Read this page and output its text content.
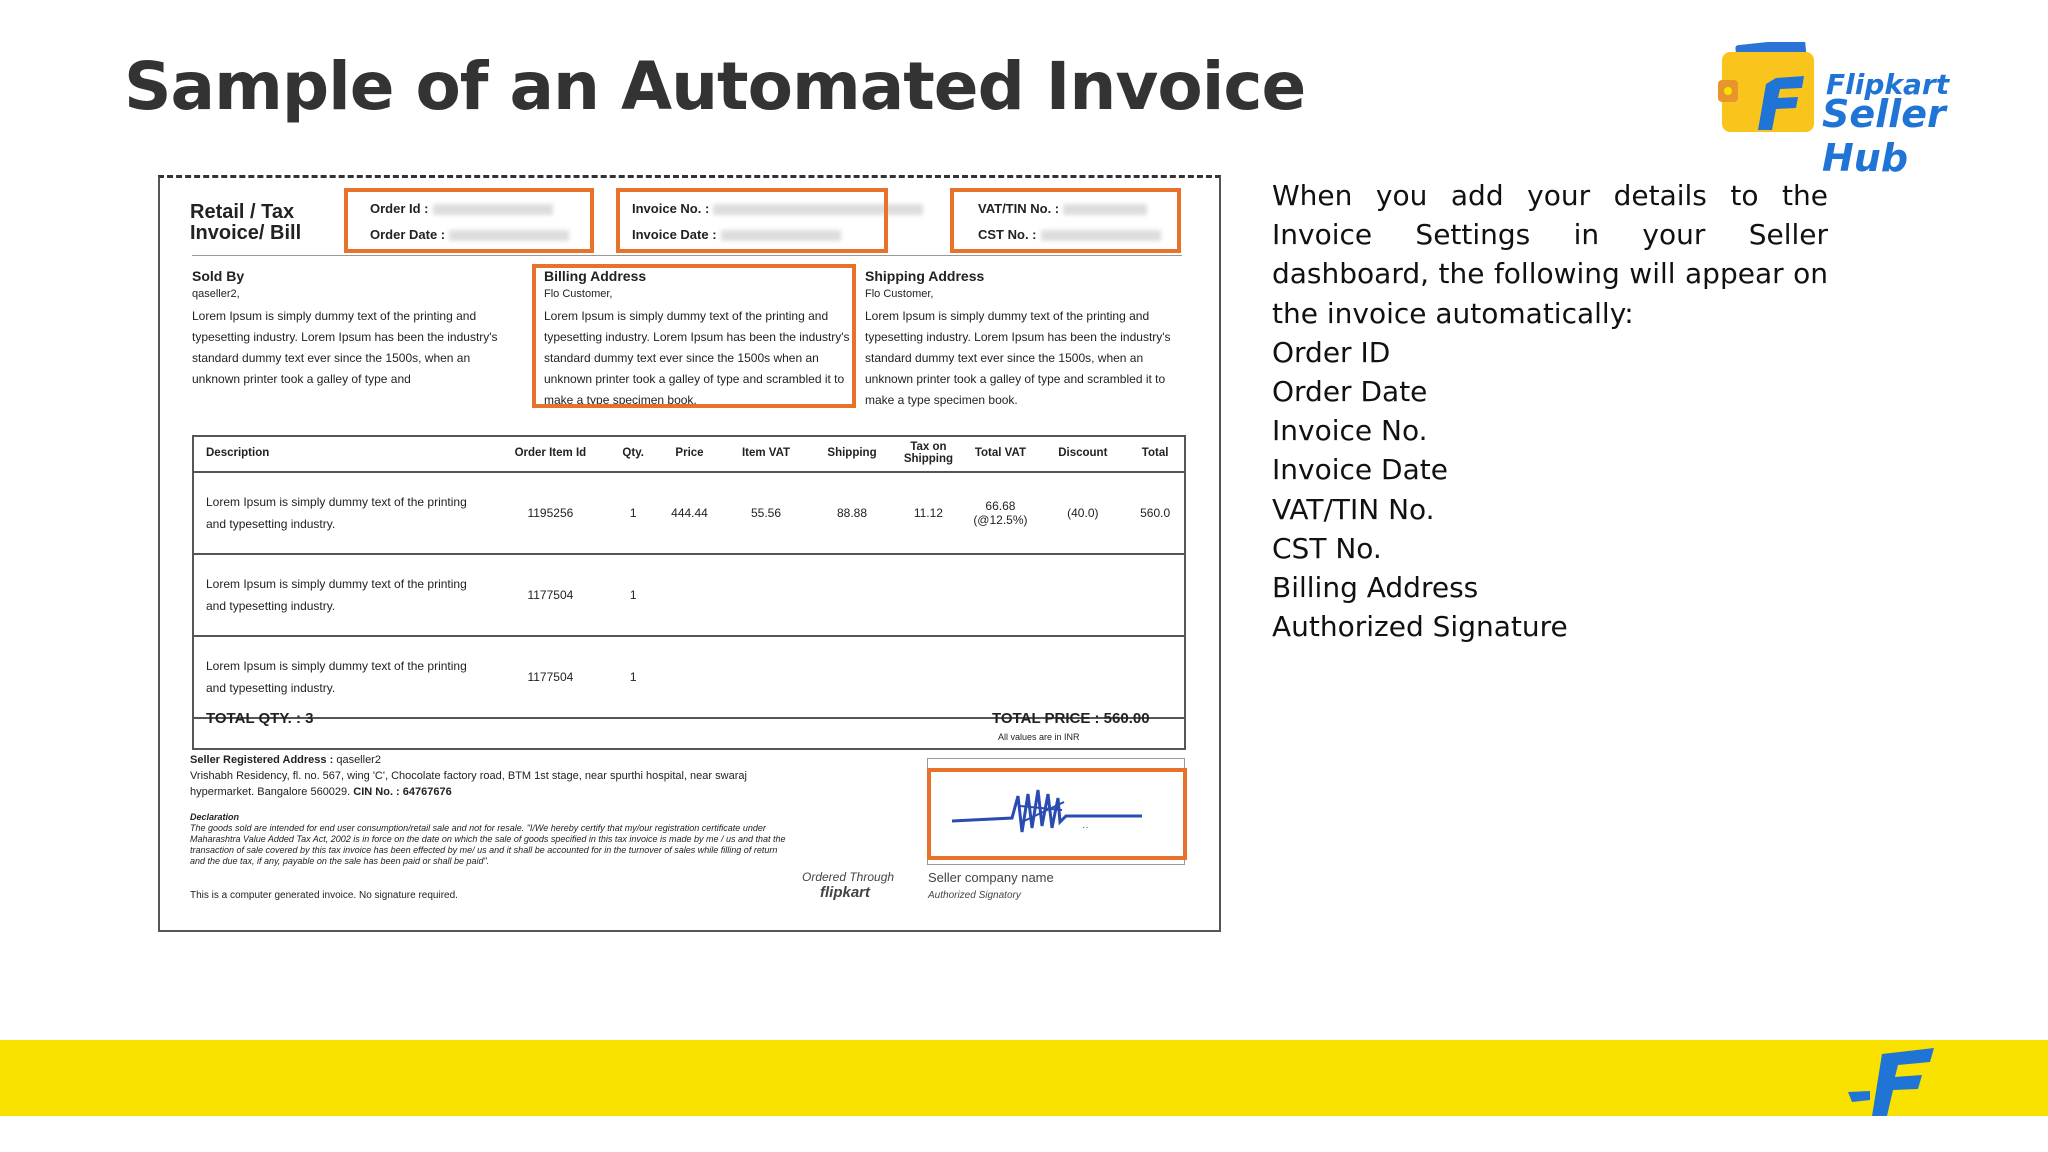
Sample of an Automated Invoice	Flipkart
Seller Hub
Retail / Tax Invoice/ Bill
Order Id :
Order Date :
Invoice No. :
Invoice Date :
VAT/TIN No. :
CST No. :
Sold By
qaseller2,
Lorem Ipsum is simply dummy text of the printing and typesetting industry. Lorem Ipsum has been the industry's standard dummy text ever since the 1500s, when an unknown printer took a galley of type and
Billing Address
Flo Customer,
Lorem Ipsum is simply dummy text of the printing and typesetting industry. Lorem Ipsum has been the industry's standard dummy text ever since the 1500s when an unknown printer took a galley of type and scrambled it to make a type specimen book.
Shipping Address
Flo Customer,
Lorem Ipsum is simply dummy text of the printing and typesetting industry. Lorem Ipsum has been the industry's standard dummy text ever since the 1500s, when an unknown printer took a galley of type and scrambled it to make a type specimen book.
Description	Order Item Id	Qty.	Price	Item VAT	Shipping	Tax on Shipping	Total VAT	Discount	Total
Lorem Ipsum is simply dummy text of the printing and typesetting industry.	1195256	1	444.44	55.56	88.88	11.12	66.68 (@12.5%)	(40.0)	560.0
Lorem Ipsum is simply dummy text of the printing and typesetting industry.	1177504	1							
Lorem Ipsum is simply dummy text of the printing and typesetting industry.	1177504	1							
TOTAL QTY. : 3	TOTAL PRICE : 560.00
All values are in INR
Seller Registered Address : qaseller2
Vrishabh Residency, fl. no. 567, wing 'C', Chocolate factory road, BTM 1st stage, near spurthi hospital, near swaraj hypermarket. Bangalore 560029. CIN No. : 64767676
Declaration
The goods sold are intended for end user consumption/retail sale and not for resale. "I/We hereby certify that my/our registration certificate under Maharashtra Value Added Tax Act, 2002 is in force on the date on which the sale of goods specified in this tax invoice is made by me / us and that the transaction of sale covered by this tax invoice has been effected by me/ us and it shall be accounted for in the turnover of sales while filling of return and the due tax, if any, payable on the sale has been paid or shall be paid".
This is a computer generated invoice. No signature required.
Ordered Through
flipkart
‥
Seller company name
Authorized Signatory
When you add your details to the Invoice Settings in your Seller dashboard, the following will appear on the invoice automatically:
Order ID
Order Date
Invoice No.
Invoice Date
VAT/TIN No.
CST No.
Billing Address
Authorized Signature
